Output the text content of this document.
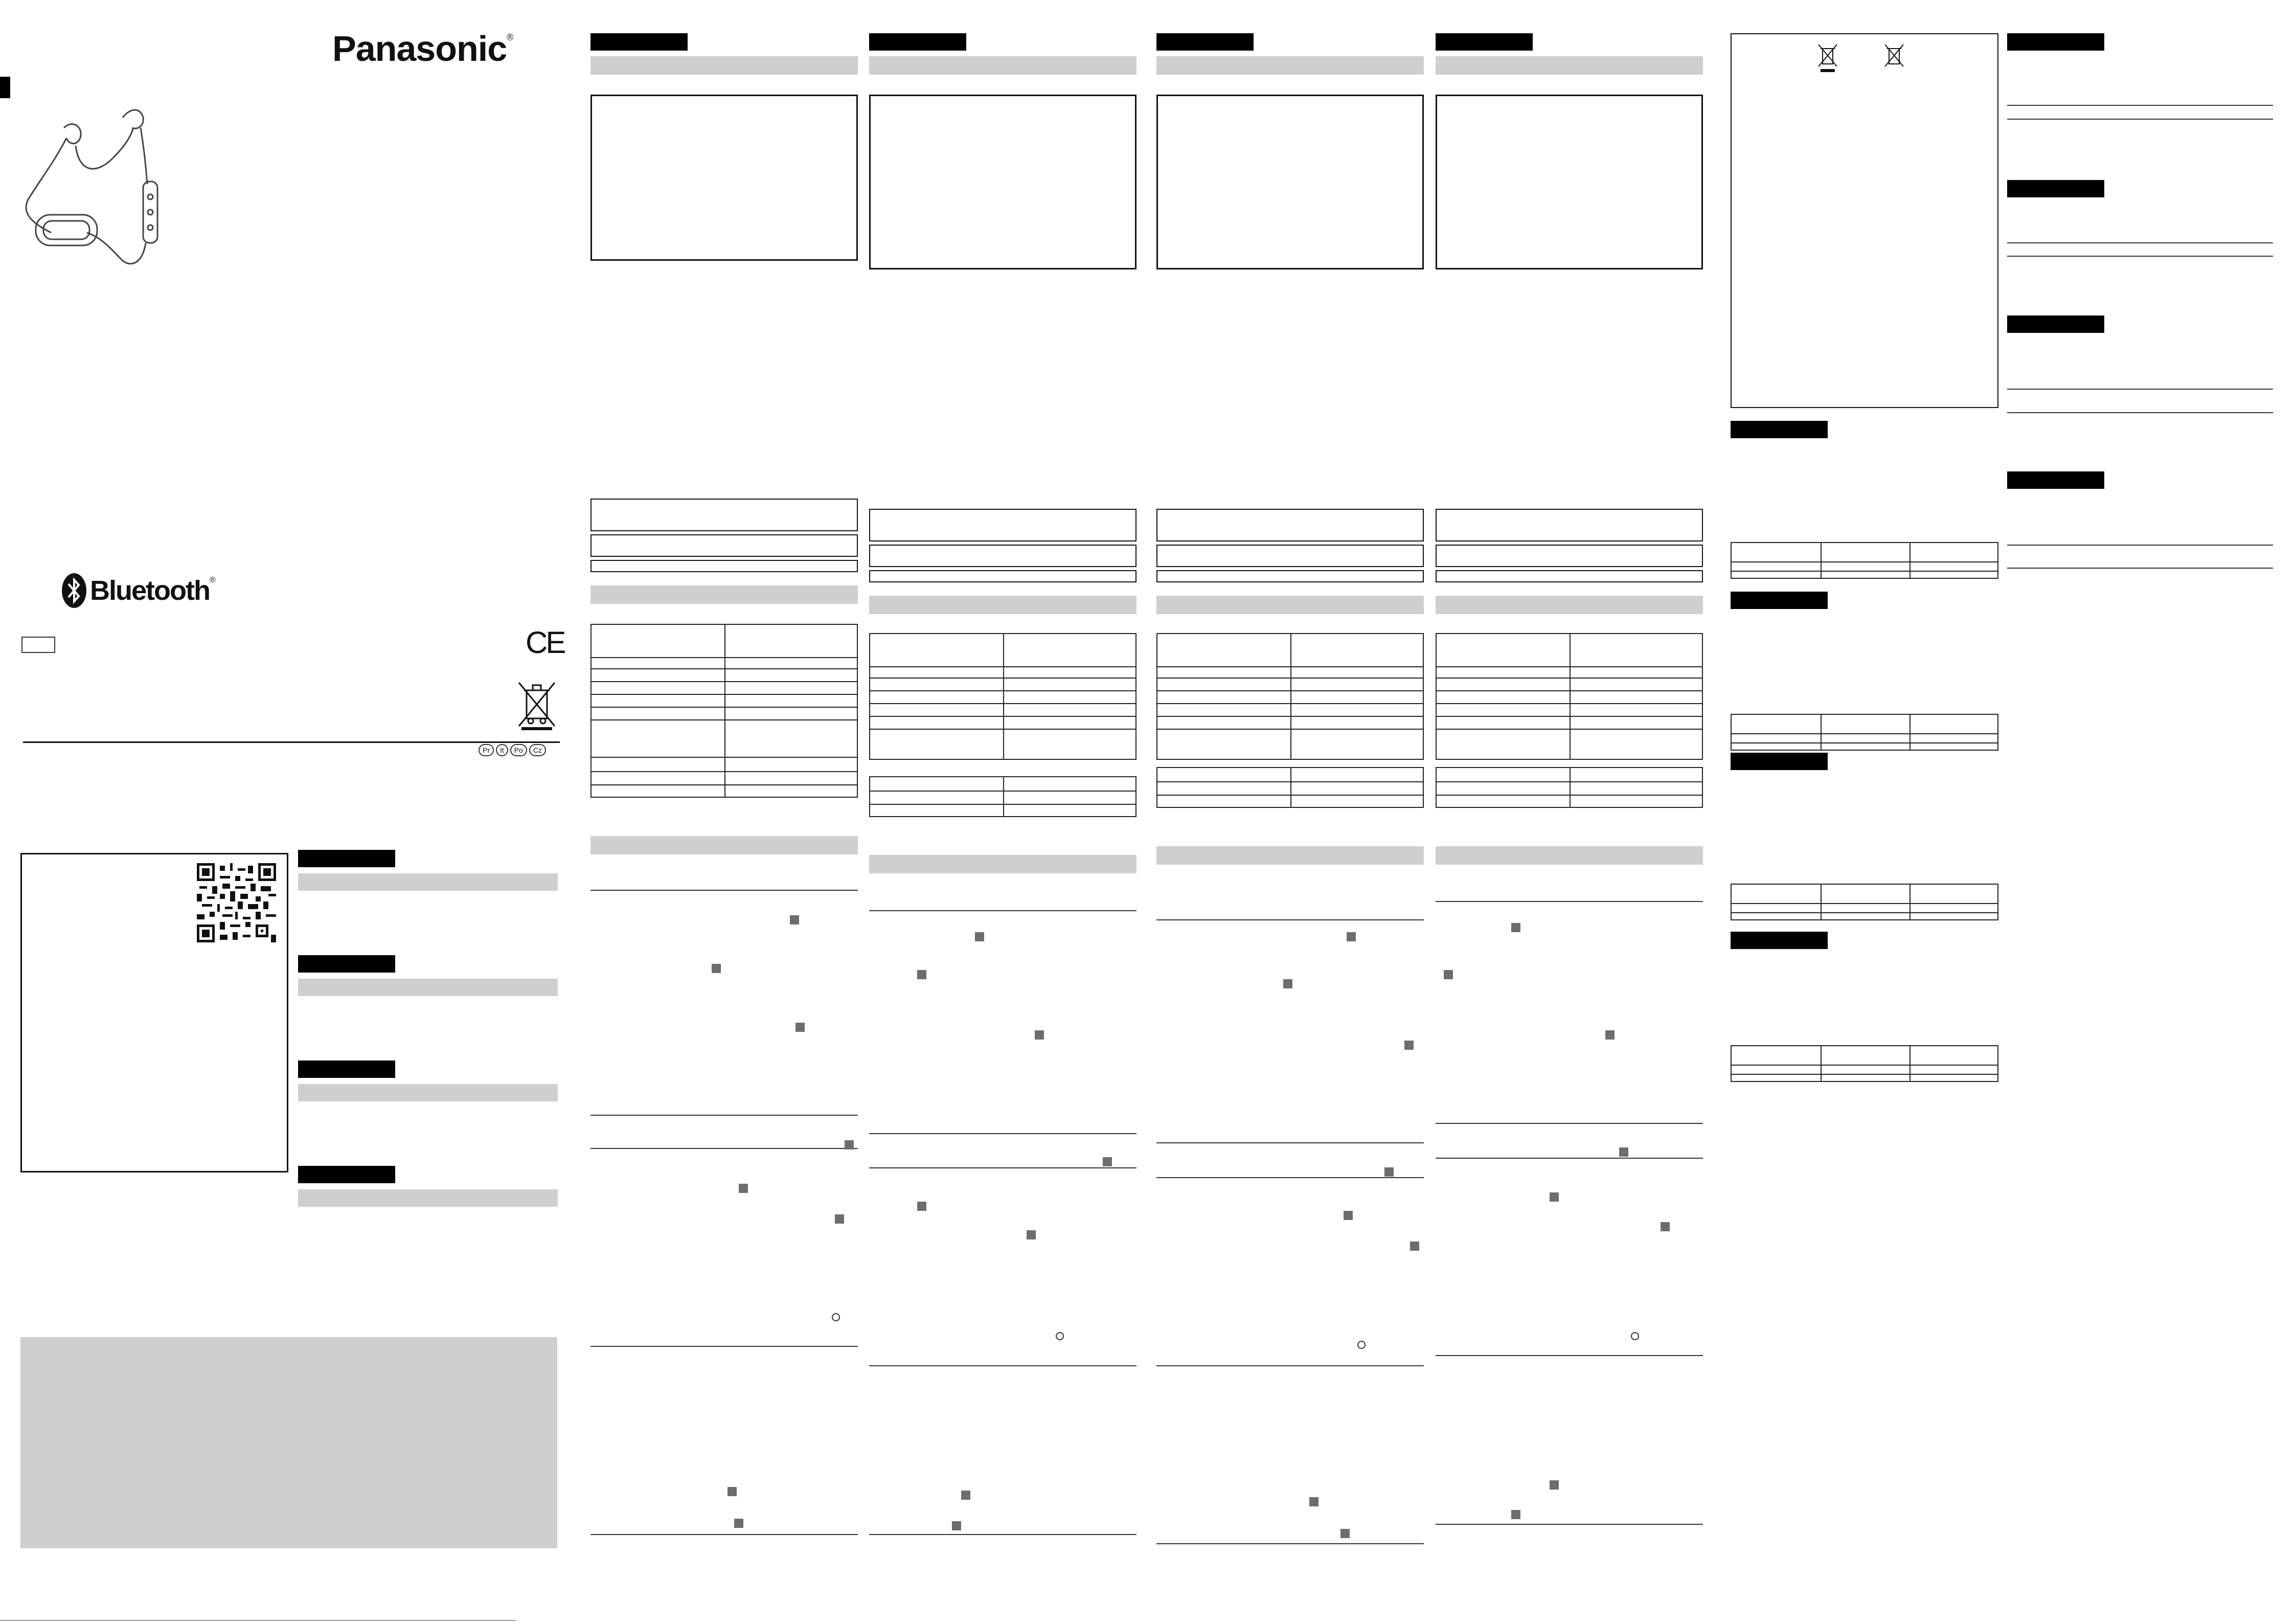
Panasonic®
Bluetooth ®
CE
Pr	It	Po	Cz
